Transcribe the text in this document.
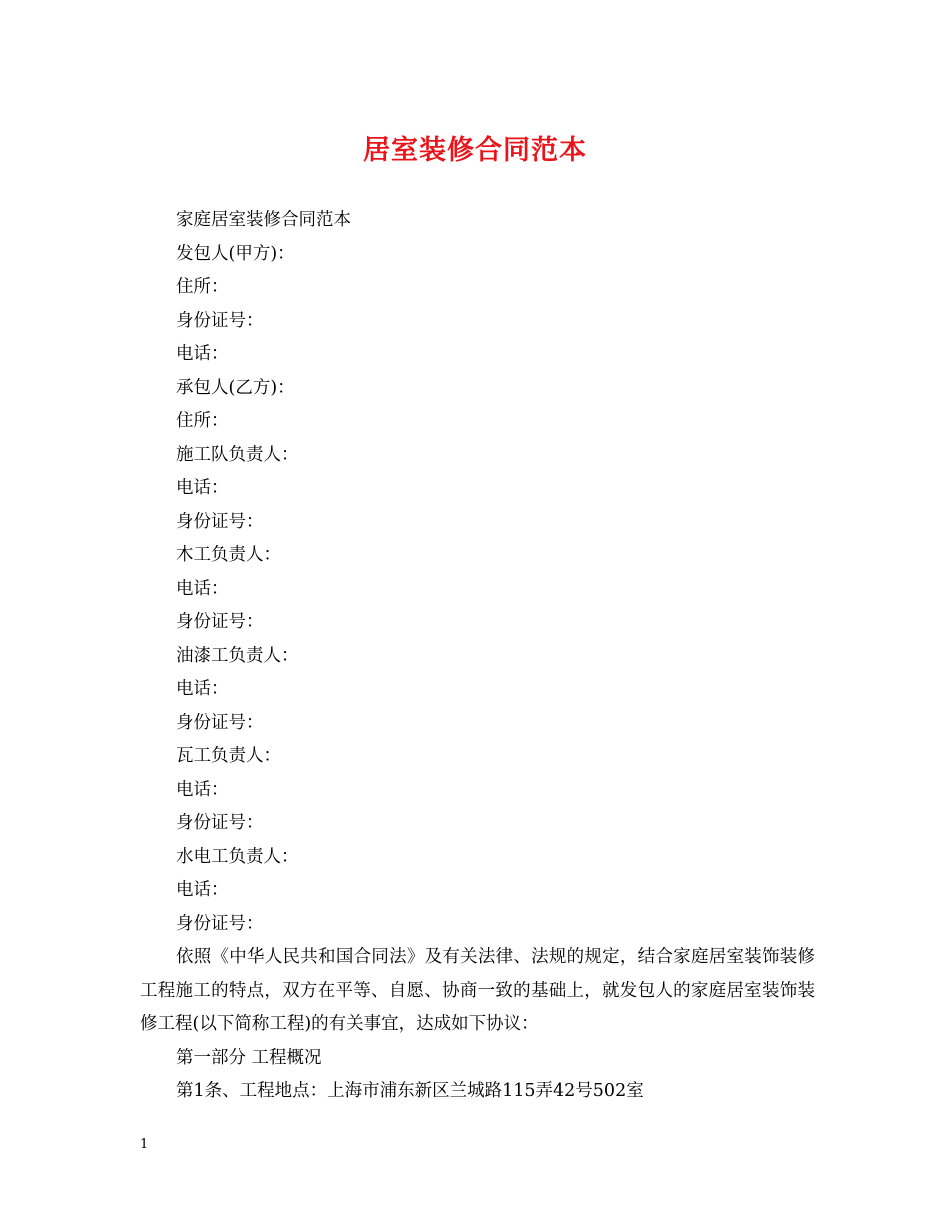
居室装修合同范本
家庭居室装修合同范本
发包人(甲方)：
住所：
身份证号：
电话：
承包人(乙方)：
住所：
施工队负责人：
电话：
身份证号：
木工负责人：
电话：
身份证号：
油漆工负责人：
电话：
身份证号：
瓦工负责人：
电话：
身份证号：
水电工负责人：
电话：
身份证号：
依照《中华人民共和国合同法》及有关法律、法规的规定，结合家庭居室装饰装修工程施工的特点，双方在平等、自愿、协商一致的基础上，就发包人的家庭居室装饰装修工程(以下简称工程)的有关事宜，达成如下协议：
第一部分 工程概况
第1条、工程地点：上海市浦东新区兰城路115弄42号502室
1
